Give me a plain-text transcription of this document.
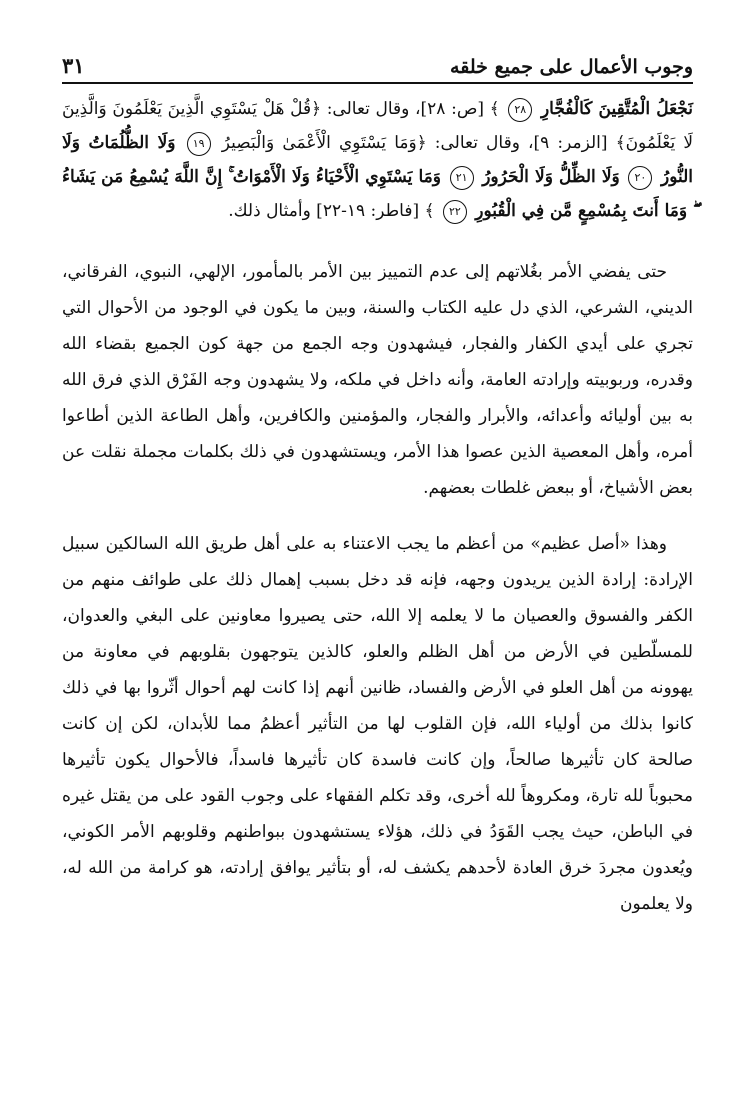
٣١	وجوب الأعمال على جميع خلقه

نَجْعَلُ الْمُتَّقِينَ كَالْفُجَّارِ ٢٨ ﴾ [ص: ٢٨]، وقال تعالى: ﴿قُلْ هَلْ يَسْتَوِي الَّذِينَ يَعْلَمُونَ وَالَّذِينَ لَا يَعْلَمُونَ﴾ [الزمر: ٩]، وقال تعالى: ﴿وَمَا يَسْتَوِي الْأَعْمَىٰ وَالْبَصِيرُ ١٩ وَلَا الظُّلُمَاتُ وَلَا النُّورُ ٢٠ وَلَا الظِّلُّ وَلَا الْحَرُورُ ٢١ وَمَا يَسْتَوِي الْأَحْيَاءُ وَلَا الْأَمْوَاتُ ۚ إِنَّ اللَّهَ يُسْمِعُ مَن يَشَاءُ ۖ وَمَا أَنتَ بِمُسْمِعٍ مَّن فِي الْقُبُورِ ٢٢ ﴾ [فاطر: ١٩-٢٢] وأمثال ذلك.

حتى يفضي الأمر بغُلاتهم إلى عدم التمييز بين الأمر بالمأمور، الإلهي، النبوي، الفرقاني، الديني، الشرعي، الذي دل عليه الكتاب والسنة، وبين ما يكون في الوجود من الأحوال التي تجري على أيدي الكفار والفجار، فيشهدون وجه الجمع من جهة كون الجميع بقضاء الله وقدره، وربوبيته وإرادته العامة، وأنه داخل في ملكه، ولا يشهدون وجه الفَرْق الذي فرق الله به بين أوليائه وأعدائه، والأبرار والفجار، والمؤمنين والكافرين، وأهل الطاعة الذين أطاعوا أمره، وأهل المعصية الذين عصوا هذا الأمر، ويستشهدون في ذلك بكلمات مجملة نقلت عن بعض الأشياخ، أو ببعض غلطات بعضهم.

وهذا «أصل عظيم» من أعظم ما يجب الاعتناء به على أهل طريق الله السالكين سبيل الإرادة: إرادة الذين يريدون وجهه، فإنه قد دخل بسبب إهمال ذلك على طوائف منهم من الكفر والفسوق والعصيان ما لا يعلمه إلا الله، حتى يصيروا معاونين على البغي والعدوان، للمسلّطين في الأرض من أهل الظلم والعلو، كالذين يتوجهون بقلوبهم في معاونة من يهوونه من أهل العلو في الأرض والفساد، ظانين أنهم إذا كانت لهم أحوال أثّروا بها في ذلك كانوا بذلك من أولياء الله، فإن القلوب لها من التأثير أعظمُ مما للأبدان، لكن إن كانت صالحة كان تأثيرها صالحاً، وإن كانت فاسدة كان تأثيرها فاسداً، فالأحوال يكون تأثيرها محبوباً لله تارة، ومكروهاً لله أخرى، وقد تكلم الفقهاء على وجوب القود على من يقتل غيره في الباطن، حيث يجب القَوَدُ في ذلك، هؤلاء يستشهدون ببواطنهم وقلوبهم الأمر الكوني، ويُعدون مجردَ خرق العادة لأحدهم يكشف له، أو بتأثير يوافق إرادته، هو كرامة من الله له، ولا يعلمون
